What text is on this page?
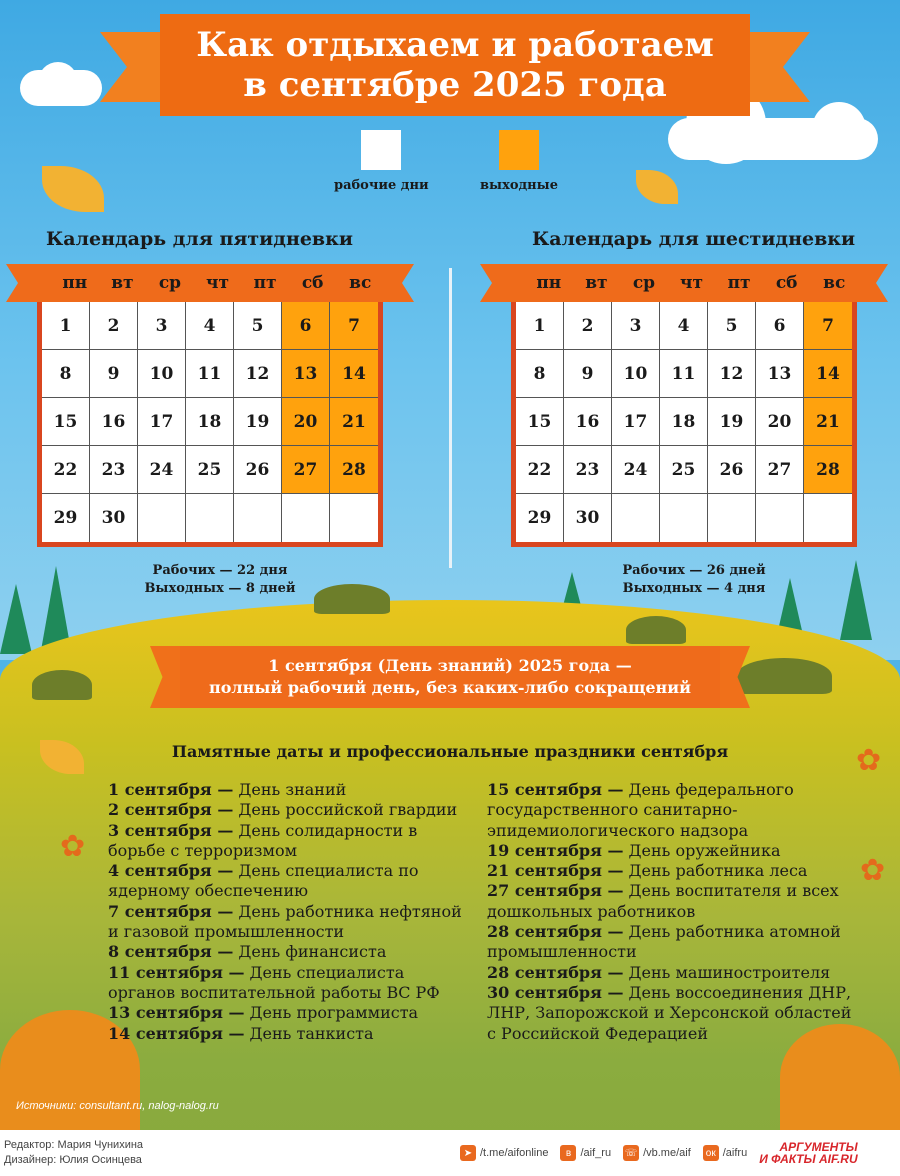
✿
✿
✿
Как отдыхаем и работаем
в сентябре 2025 года
рабочие дни	выходные
Календарь для пятидневки	Календарь для шестидневки
пн	вт	ср	чт	пт	сб	вс
1	2	3	4	5	6	7
8	9	10	11	12	13	14
15	16	17	18	19	20	21
22	23	24	25	26	27	28
29	30
Рабочих — 22 дня
Выходных — 8 дней
пн	вт	ср	чт	пт	сб	вс
1	2	3	4	5	6	7
8	9	10	11	12	13	14
15	16	17	18	19	20	21
22	23	24	25	26	27	28
29	30
Рабочих — 26 дней
Выходных — 4 дня
1 сентября (День знаний) 2025 года —
полный рабочий день, без каких-либо сокращений
Памятные даты и профессиональные праздники сентября
1 сентября — День знаний
2 сентября — День российской гвардии
3 сентября — День солидарности в борьбе с терроризмом
4 сентября — День специалиста по ядерному обеспечению
7 сентября — День работника нефтяной и газовой промышленности
8 сентября — День финансиста
11 сентября — День специалиста органов воспитательной работы ВС РФ
13 сентября — День программиста
14 сентября — День танкиста
15 сентября — День федерального государственного санитарно-эпидемиологического надзора
19 сентября — День оружейника
21 сентября — День работника леса
27 сентября — День воспитателя и всех дошкольных работников
28 сентября — День работника атомной промышленности
28 сентября — День машиностроителя
30 сентября — День воссоединения ДНР, ЛНР, Запорожской и Херсонской областей с Российской Федерацией
Источники: consultant.ru, nalog-nalog.ru
Редактор: Мария Чунихина
Дизайнер: Юлия Осинцева
➤ /t.me/aifonline	в /aif_ru ☏ /vb.me/aif	ок /aifru	АРГУМЕНТЫ
И ФАКТЫ AIF.RU
